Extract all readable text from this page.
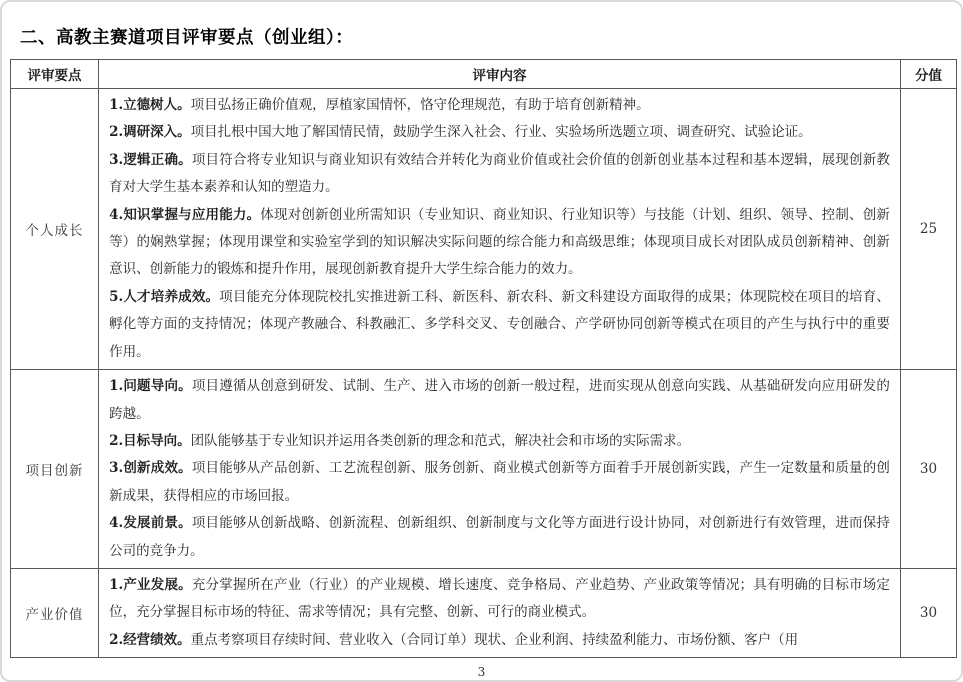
二、高教主赛道项目评审要点（创业组）：
评审要点	评审内容	分值
个人成长	1.立德树人。项目弘扬正确价值观，厚植家国情怀，恪守伦理规范，有助于培育创新精神。

2.调研深入。项目扎根中国大地了解国情民情，鼓励学生深入社会、行业、实验场所选题立项、调查研究、试验论证。

3.逻辑正确。项目符合将专业知识与商业知识有效结合并转化为商业价值或社会价值的创新创业基本过程和基本逻辑，展现创新教育对大学生基本素养和认知的塑造力。

4.知识掌握与应用能力。体现对创新创业所需知识（专业知识、商业知识、行业知识等）与技能（计划、组织、领导、控制、创新等）的娴熟掌握；体现用课堂和实验室学到的知识解决实际问题的综合能力和高级思维；体现项目成长对团队成员创新精神、创新意识、创新能力的锻炼和提升作用，展现创新教育提升大学生综合能力的效力。

5.人才培养成效。项目能充分体现院校扎实推进新工科、新医科、新农科、新文科建设方面取得的成果；体现院校在项目的培育、孵化等方面的支持情况；体现产教融合、科教融汇、多学科交叉、专创融合、产学研协同创新等模式在项目的产生与执行中的重要作用。	25
项目创新	1.问题导向。项目遵循从创意到研发、试制、生产、进入市场的创新一般过程，进而实现从创意向实践、从基础研发向应用研发的跨越。

2.目标导向。团队能够基于专业知识并运用各类创新的理念和范式，解决社会和市场的实际需求。

3.创新成效。项目能够从产品创新、工艺流程创新、服务创新、商业模式创新等方面着手开展创新实践，产生一定数量和质量的创新成果，获得相应的市场回报。

4.发展前景。项目能够从创新战略、创新流程、创新组织、创新制度与文化等方面进行设计协同，对创新进行有效管理，进而保持公司的竞争力。	30
产业价值	1.产业发展。充分掌握所在产业（行业）的产业规模、增长速度、竞争格局、产业趋势、产业政策等情况；具有明确的目标市场定位，充分掌握目标市场的特征、需求等情况；具有完整、创新、可行的商业模式。

2.经营绩效。重点考察项目存续时间、营业收入（合同订单）现状、企业利润、持续盈利能力、市场份额、客户（用	30
3
